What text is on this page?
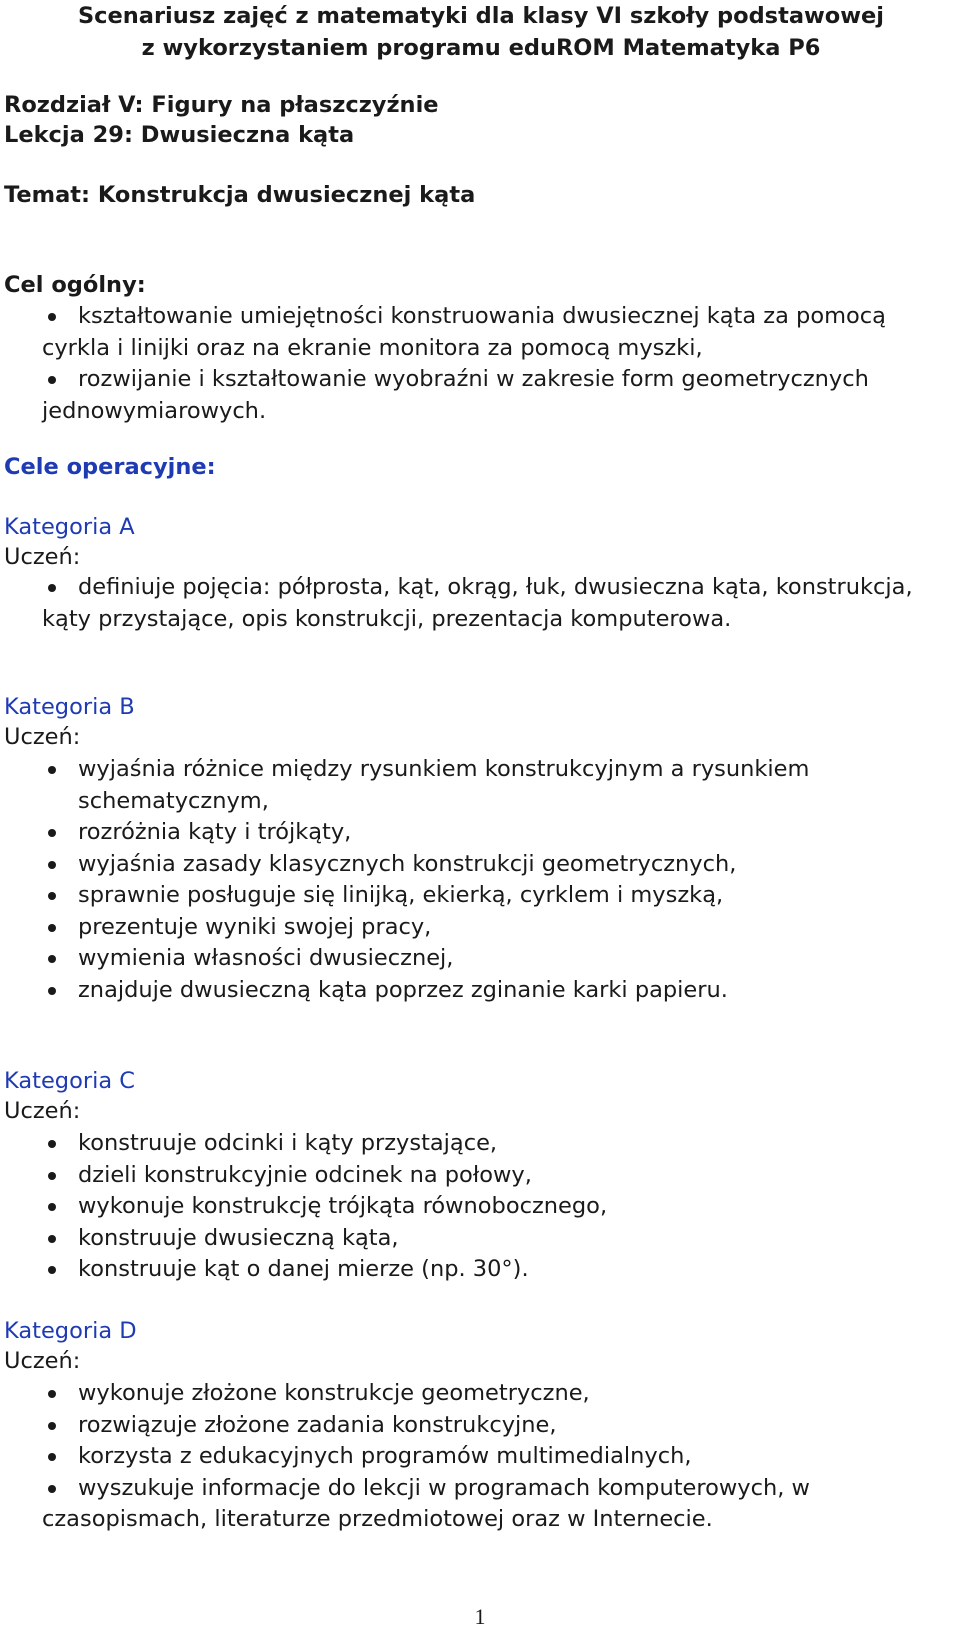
Scenariusz zajęć z matematyki dla klasy VI szkoły podstawowej
z wykorzystaniem programu eduROM Matematyka P6

Rozdział V: Figury na płaszczyźnie

Lekcja 29: Dwusieczna kąta

Temat: Konstrukcja dwusiecznej kąta

Cel ogólny:

kształtowanie umiejętności konstruowania dwusiecznej kąta za pomocą cyrkla i linijki oraz na ekranie monitora za pomocą myszki,
rozwijanie i kształtowanie wyobraźni w zakresie form geometrycznych jednowymiarowych.

Cele operacyjne:

Kategoria A

Uczeń:

definiuje pojęcia: półprosta, kąt, okrąg, łuk, dwusieczna kąta, konstrukcja, kąty przystające, opis konstrukcji, prezentacja komputerowa.

Kategoria B

Uczeń:

wyjaśnia różnice między rysunkiem konstrukcyjnym a rysunkiem schematycznym,
rozróżnia kąty i trójkąty,
wyjaśnia zasady klasycznych konstrukcji geometrycznych,
sprawnie posługuje się linijką, ekierką, cyrklem i myszką,
prezentuje wyniki swojej pracy,
wymienia własności dwusiecznej,
znajduje dwusieczną kąta poprzez zginanie karki papieru.

Kategoria C

Uczeń:

konstruuje odcinki i kąty przystające,
dzieli konstrukcyjnie odcinek na połowy,
wykonuje konstrukcję trójkąta równobocznego,
konstruuje dwusieczną kąta,
konstruuje kąt o danej mierze (np. 30°).

Kategoria D

Uczeń:

wykonuje złożone konstrukcje geometryczne,
rozwiązuje złożone zadania konstrukcyjne,
korzysta z edukacyjnych programów multimedialnych,
wyszukuje informacje do lekcji w programach komputerowych, w czasopismach, literaturze przedmiotowej oraz w Internecie.
1
